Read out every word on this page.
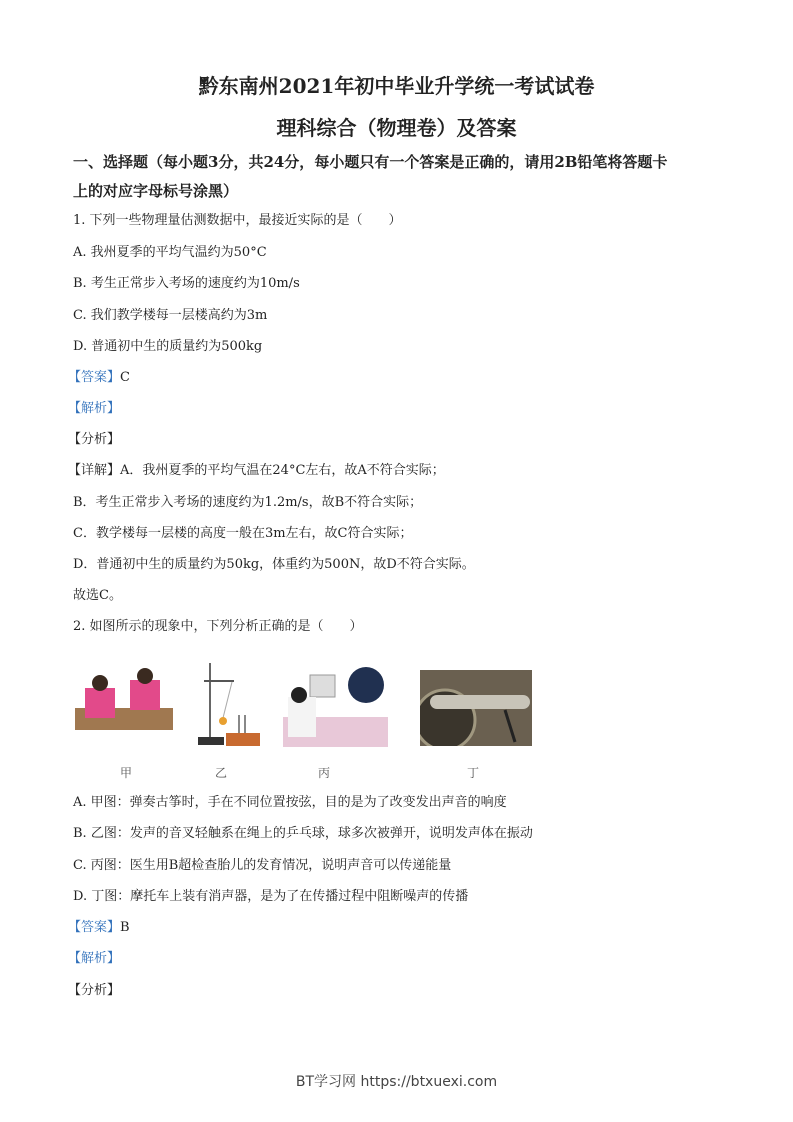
黔东南州2021年初中毕业升学统一考试试卷
理科综合（物理卷）及答案
一、选择题（每小题3分，共24分，每小题只有一个答案是正确的，请用2B铅笔将答题卡
上的对应字母标号涂黑）
1. 下列一些物理量估测数据中，最接近实际的是（　　）
A. 我州夏季的平均气温约为50°C
B. 考生正常步入考场的速度约为10m/s
C. 我们教学楼每一层楼高约为3m
D. 普通初中生的质量约为500kg
【答案】C
【解析】
【分析】
【详解】A．我州夏季的平均气温在24°C左右，故A不符合实际；
B．考生正常步入考场的速度约为1.2m/s，故B不符合实际；
C．教学楼每一层楼的高度一般在3m左右，故C符合实际；
D．普通初中生的质量约为50kg，体重约为500N，故D不符合实际。
故选C。
2. 如图所示的现象中，下列分析正确的是（　　）
甲	乙	丙	丁
A. 甲图：弹奏古筝时，手在不同位置按弦，目的是为了改变发出声音的响度
B. 乙图：发声的音叉轻触系在绳上的乒乓球，球多次被弹开，说明发声体在振动
C. 丙图：医生用B超检查胎儿的发育情况，说明声音可以传递能量
D. 丁图：摩托车上装有消声器，是为了在传播过程中阻断噪声的传播
【答案】B
【解析】
【分析】
BT学习网 https://btxuexi.com
